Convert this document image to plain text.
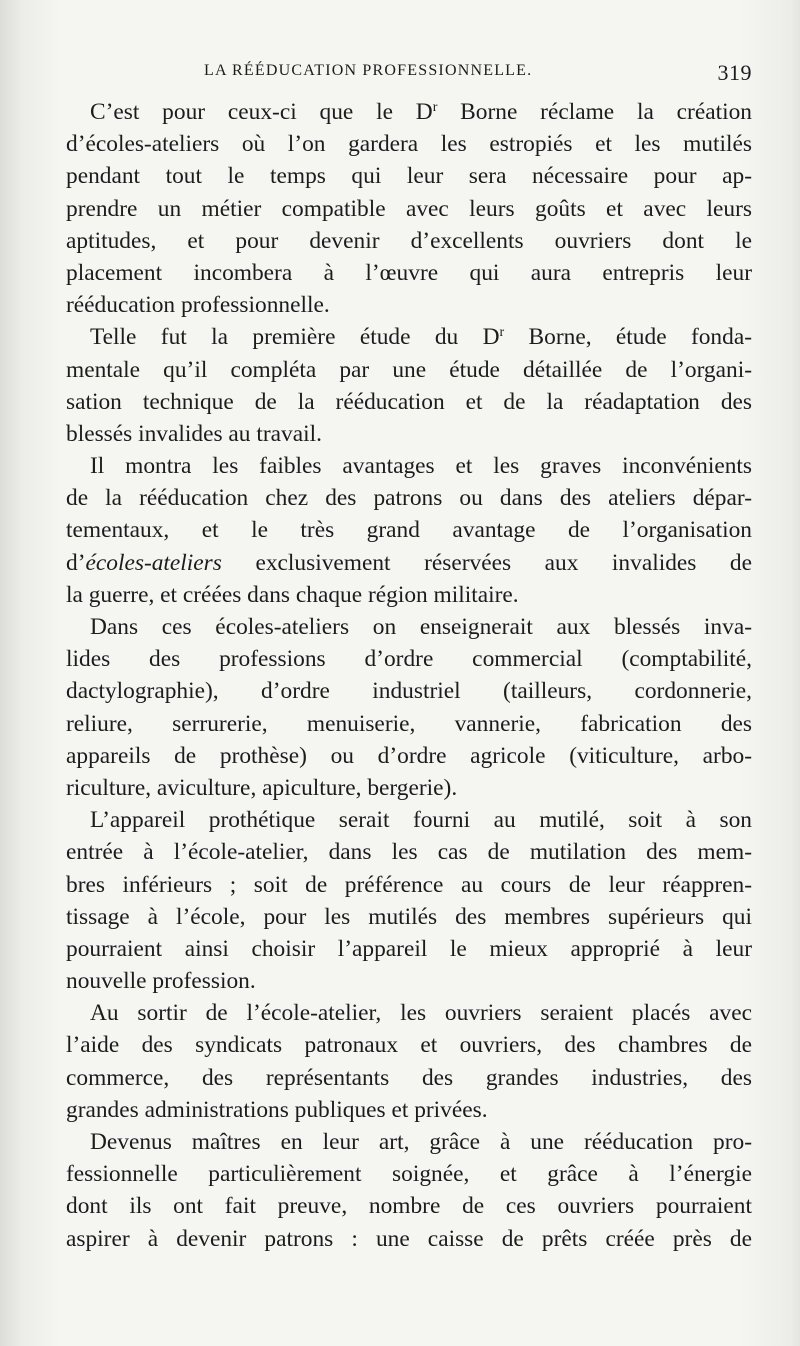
LA RÉÉDUCATION PROFESSIONNELLE.	319

C’est pour ceux-ci que le $D^r$ Borne réclame la création
d’écoles-ateliers où l’on gardera les estropiés et les mutilés
pendant tout le temps qui leur sera nécessaire pour ap-
prendre un métier compatible avec leurs goûts et avec leurs
aptitudes, et pour devenir d’excellents ouvriers dont le
placement incombera à l’œuvre qui aura entrepris leur
rééducation professionnelle.

Telle fut la première étude du $D^r$ Borne, étude fonda-
mentale qu’il compléta par une étude détaillée de l’organi-
sation technique de la rééducation et de la réadaptation des
blessés invalides au travail.

Il montra les faibles avantages et les graves inconvénients
de la rééducation chez des patrons ou dans des ateliers dépar-
tementaux, et le très grand avantage de l’organisation
d’écoles-ateliers exclusivement réservées aux invalides de
la guerre, et créées dans chaque région militaire.

Dans ces écoles-ateliers on enseignerait aux blessés inva-
lides des professions d’ordre commercial (comptabilité,
dactylographie), d’ordre industriel (tailleurs, cordonnerie,
reliure, serrurerie, menuiserie, vannerie, fabrication des
appareils de prothèse) ou d’ordre agricole (viticulture, arbo-
riculture, aviculture, apiculture, bergerie).

L’appareil prothétique serait fourni au mutilé, soit à son
entrée à l’école-atelier, dans les cas de mutilation des mem-
bres inférieurs ; soit de préférence au cours de leur réappren-
tissage à l’école, pour les mutilés des membres supérieurs qui
pourraient ainsi choisir l’appareil le mieux approprié à leur
nouvelle profession.

Au sortir de l’école-atelier, les ouvriers seraient placés avec
l’aide des syndicats patronaux et ouvriers, des chambres de
commerce, des représentants des grandes industries, des
grandes administrations publiques et privées.

Devenus maîtres en leur art, grâce à une rééducation pro-
fessionnelle particulièrement soignée, et grâce à l’énergie
dont ils ont fait preuve, nombre de ces ouvriers pourraient
aspirer à devenir patrons : une caisse de prêts créée près de
